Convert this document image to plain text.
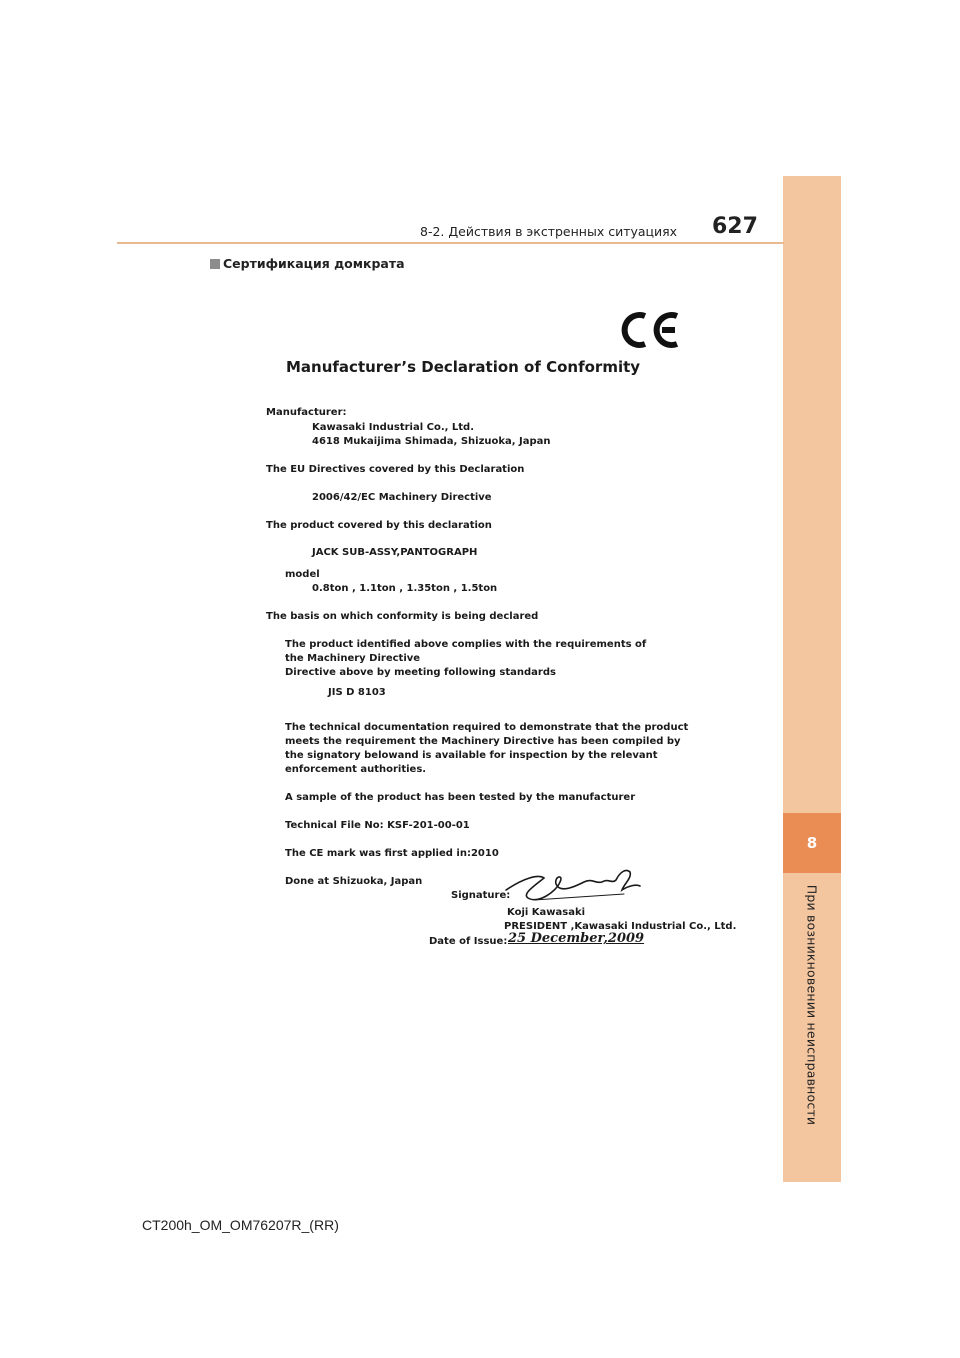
8
При возникновении неисправности
8-2. Действия в экстренных ситуациях 627
Сертификация домкрата
Manufacturer’s Declaration of Conformity
Manufacturer:
Kawasaki Industrial Co., Ltd.
4618 Mukaijima Shimada, Shizuoka, Japan
The EU Directives covered by this Declaration
2006/42/EC Machinery Directive
The product covered by this declaration
JACK SUB-ASSY,PANTOGRAPH
model
0.8ton , 1.1ton , 1.35ton , 1.5ton
The basis on which conformity is being declared
The product identified above complies with the requirements of
the Machinery Directive
Directive above by meeting following standards
JIS D 8103
The technical documentation required to demonstrate that the product
meets the requirement the Machinery Directive has been compiled by
the signatory belowand is available for inspection by the relevant
enforcement authorities.
A sample of the product has been tested by the manufacturer
Technical File No: KSF-201-00-01
The CE mark was first applied in:2010
Done at Shizuoka, Japan
Signature:
Koji Kawasaki
PRESIDENT ,Kawasaki Industrial Co., Ltd.
Date of Issue: 25 December,2009
CT200h_OM_OM76207R_(RR)
